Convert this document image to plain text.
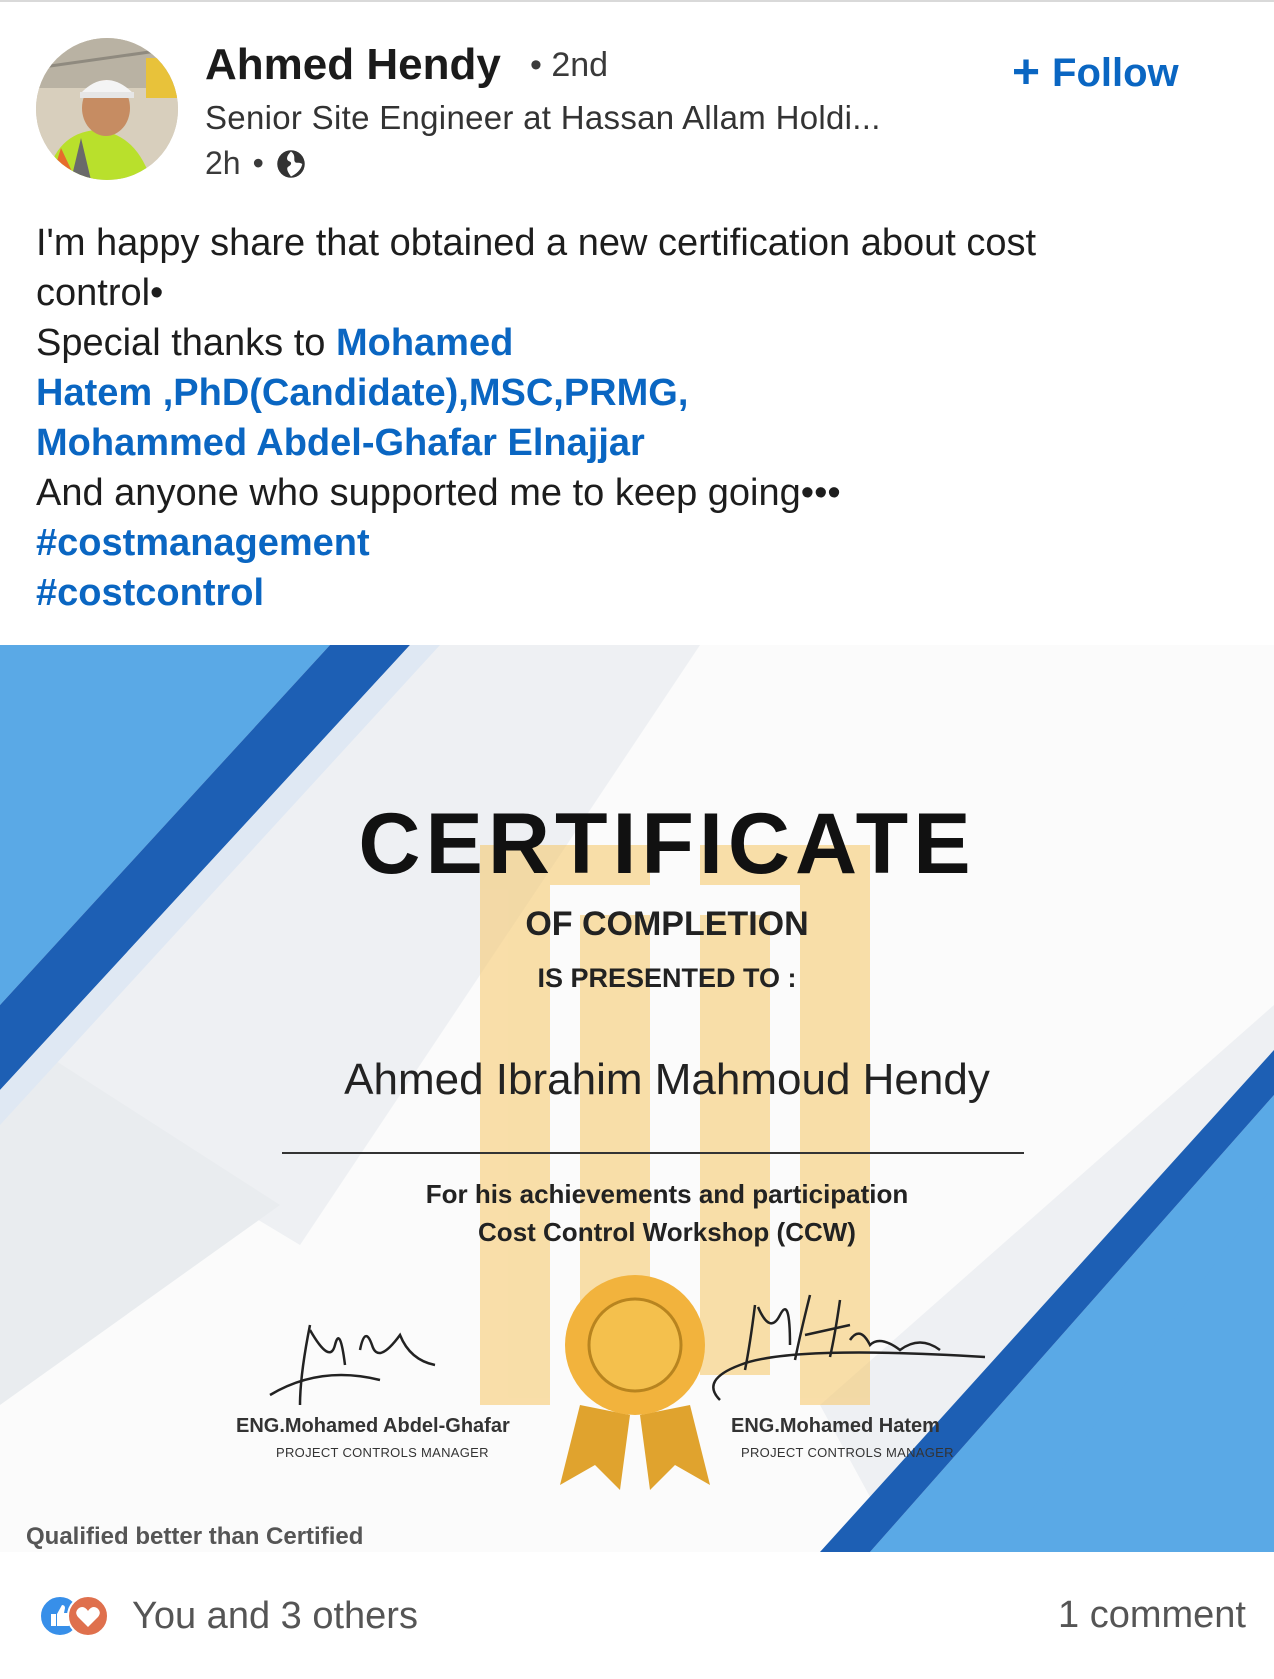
Ahmed Hendy • 2nd
Senior Site Engineer at Hassan Allam Holdi...
2h •
+ Follow
I'm happy share that obtained a new certification about cost
control•
Special thanks to Mohamed
Hatem ,PhD(Candidate),MSC,PRMG,
Mohammed Abdel-Ghafar Elnajjar
And anyone who supported me to keep going•••
#costmanagement
#costcontrol
CERTIFICATE
OF COMPLETION
IS PRESENTED TO :
Ahmed Ibrahim Mahmoud Hendy
For his achievements and participation
Cost Control Workshop (CCW)
ENG.Mohamed Abdel-Ghafar
PROJECT CONTROLS MANAGER
ENG.Mohamed Hatem
PROJECT CONTROLS MANAGER
Qualified better than Certified
You and 3 others	1 comment
